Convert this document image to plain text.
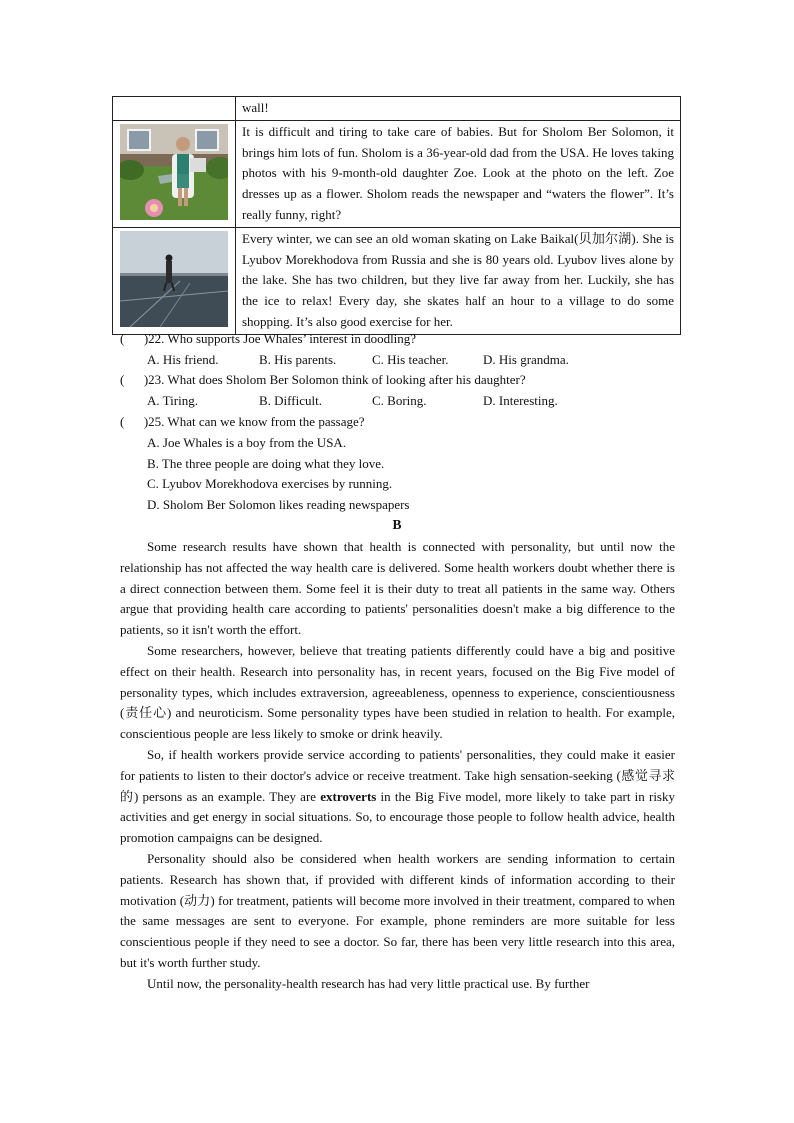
	wall!

	It is difficult and tiring to take care of babies. But for Sholom Ber Solomon, it brings him lots of fun. Sholom is a 36-year-old dad from the USA. He loves taking photos with his 9-month-old daughter Zoe. Look at the photo on the left. Zoe dresses up as a flower. Sholom reads the newspaper and “waters the flower”. It’s really funny, right?

	Every winter, we can see an old woman skating on Lake Baikal(贝加尔湖). She is Lyubov Morekhodova from Russia and she is 80 years old. Lyubov lives alone by the lake. She has two children, but they live far away from her. Luckily, she has the ice to relax! Every day, she skates half an hour to a village to do some shopping. It’s also good exercise for her.
(      )22. Who supports Joe Whales’ interest in doodling?
A. His friend.	B. His parents.	C. His teacher.	D. His grandma.
(      )23. What does Sholom Ber Solomon think of looking after his daughter?
A. Tiring.	B. Difficult.	C. Boring.	D. Interesting.
(      )25. What can we know from the passage?
A. Joe Whales is a boy from the USA.
B. The three people are doing what they love.
C. Lyubov Morekhodova exercises by running.
D. Sholom Ber Solomon likes reading newspapers
B

Some research results have shown that health is connected with personality, but until now the relationship has not affected the way health care is delivered. Some health workers doubt whether there is a direct connection between them. Some feel it is their duty to treat all patients in the same way. Others argue that providing health care according to patients' personalities doesn't make a big difference to the patients, so it isn't worth the effort.

Some researchers, however, believe that treating patients differently could have a big and positive effect on their health. Research into personality has, in recent years, focused on the Big Five model of personality types, which includes extraversion, agreeableness, openness to experience, conscientiousness (责任心) and neuroticism. Some personality types have been studied in relation to health. For example, conscientious people are less likely to smoke or drink heavily.

So, if health workers provide service according to patients' personalities, they could make it easier for patients to listen to their doctor's advice or receive treatment. Take high sensation-seeking (感觉寻求的) persons as an example. They are extroverts in the Big Five model, more likely to take part in risky activities and get energy in social situations. So, to encourage those people to follow health advice, health promotion campaigns can be designed.

Personality should also be considered when health workers are sending information to certain patients. Research has shown that, if provided with different kinds of information according to their motivation (动力) for treatment, patients will become more involved in their treatment, compared to when the same messages are sent to everyone. For example, phone reminders are more suitable for less conscientious people if they need to see a doctor. So far, there has been very little research into this area, but it's worth further study.

Until now, the personality-health research has had very little practical use. By further
